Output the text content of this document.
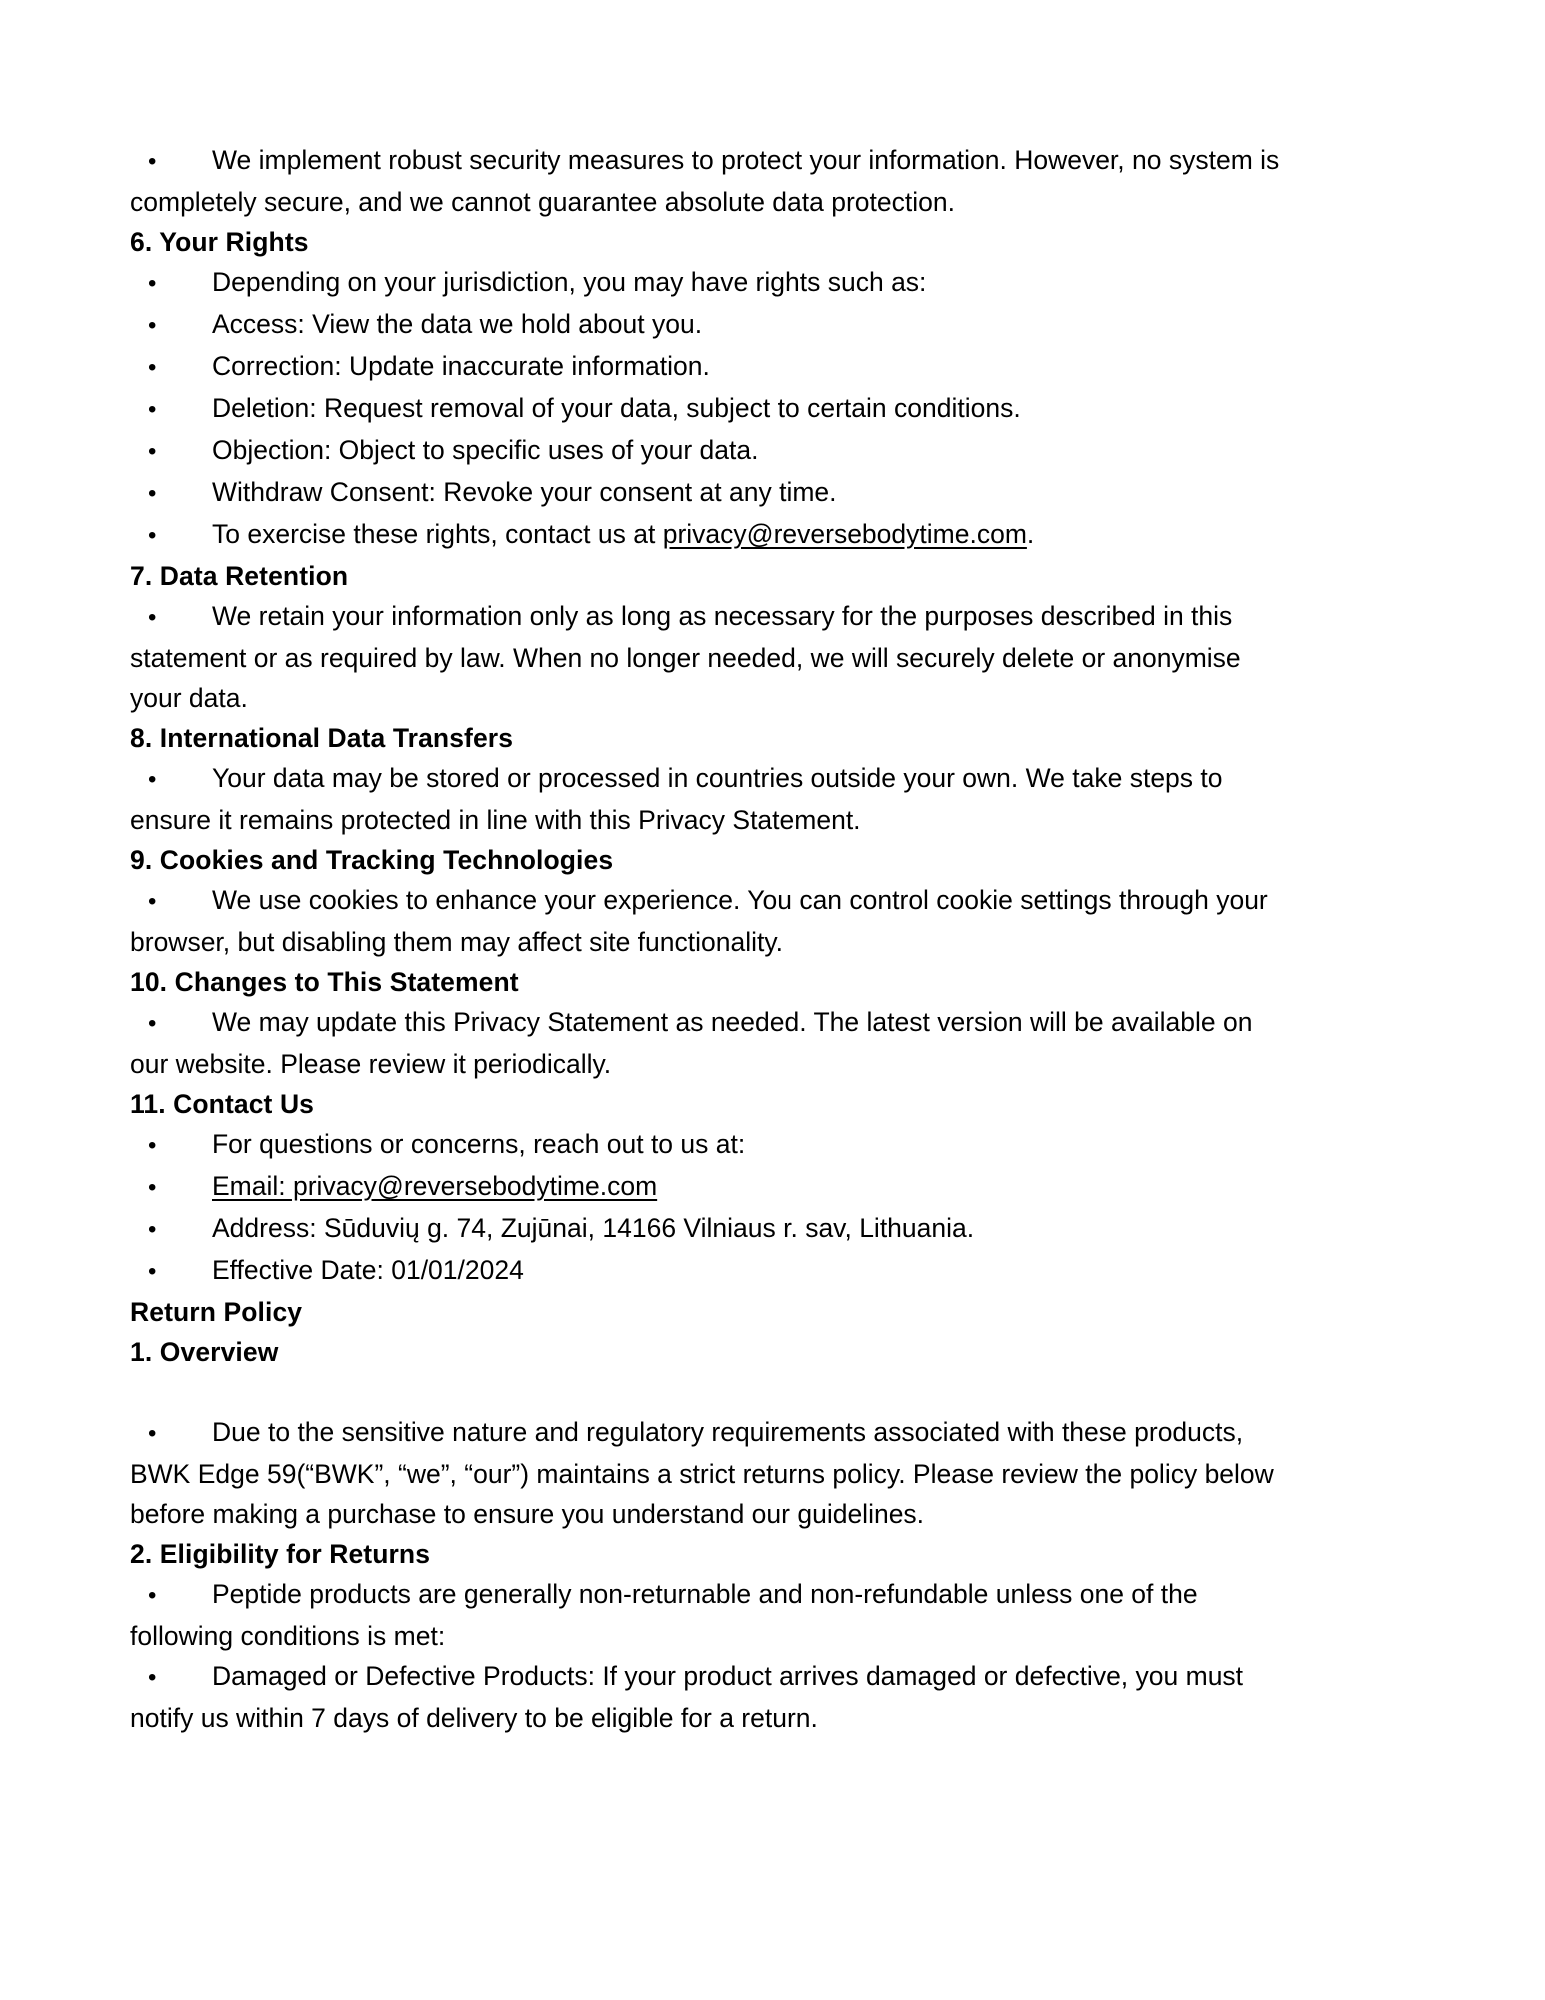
• We implement robust security measures to protect your information. However, no system is completely secure, and we cannot guarantee absolute data protection.

6. Your Rights

• Depending on your jurisdiction, you may have rights such as:

• Access: View the data we hold about you.

• Correction: Update inaccurate information.

• Deletion: Request removal of your data, subject to certain conditions.

• Objection: Object to specific uses of your data.

• Withdraw Consent: Revoke your consent at any time.

• To exercise these rights, contact us at privacy@reversebodytime.com.

7. Data Retention

• We retain your information only as long as necessary for the purposes described in this statement or as required by law. When no longer needed, we will securely delete or anonymise your data.

8. International Data Transfers

• Your data may be stored or processed in countries outside your own. We take steps to ensure it remains protected in line with this Privacy Statement.

9. Cookies and Tracking Technologies

• We use cookies to enhance your experience. You can control cookie settings through your browser, but disabling them may affect site functionality.

10. Changes to This Statement

• We may update this Privacy Statement as needed. The latest version will be available on our website. Please review it periodically.

11. Contact Us

• For questions or concerns, reach out to us at:

• Email: privacy@reversebodytime.com

• Address: Sūduvių g. 74, Zujūnai, 14166 Vilniaus r. sav, Lithuania.

• Effective Date: 01/01/2024

Return Policy

1. Overview

• Due to the sensitive nature and regulatory requirements associated with these products, BWK Edge 59(“BWK”, “we”, “our”) maintains a strict returns policy. Please review the policy below before making a purchase to ensure you understand our guidelines.

2. Eligibility for Returns

• Peptide products are generally non-returnable and non-refundable unless one of the following conditions is met:

• Damaged or Defective Products: If your product arrives damaged or defective, you must notify us within 7 days of delivery to be eligible for a return.
